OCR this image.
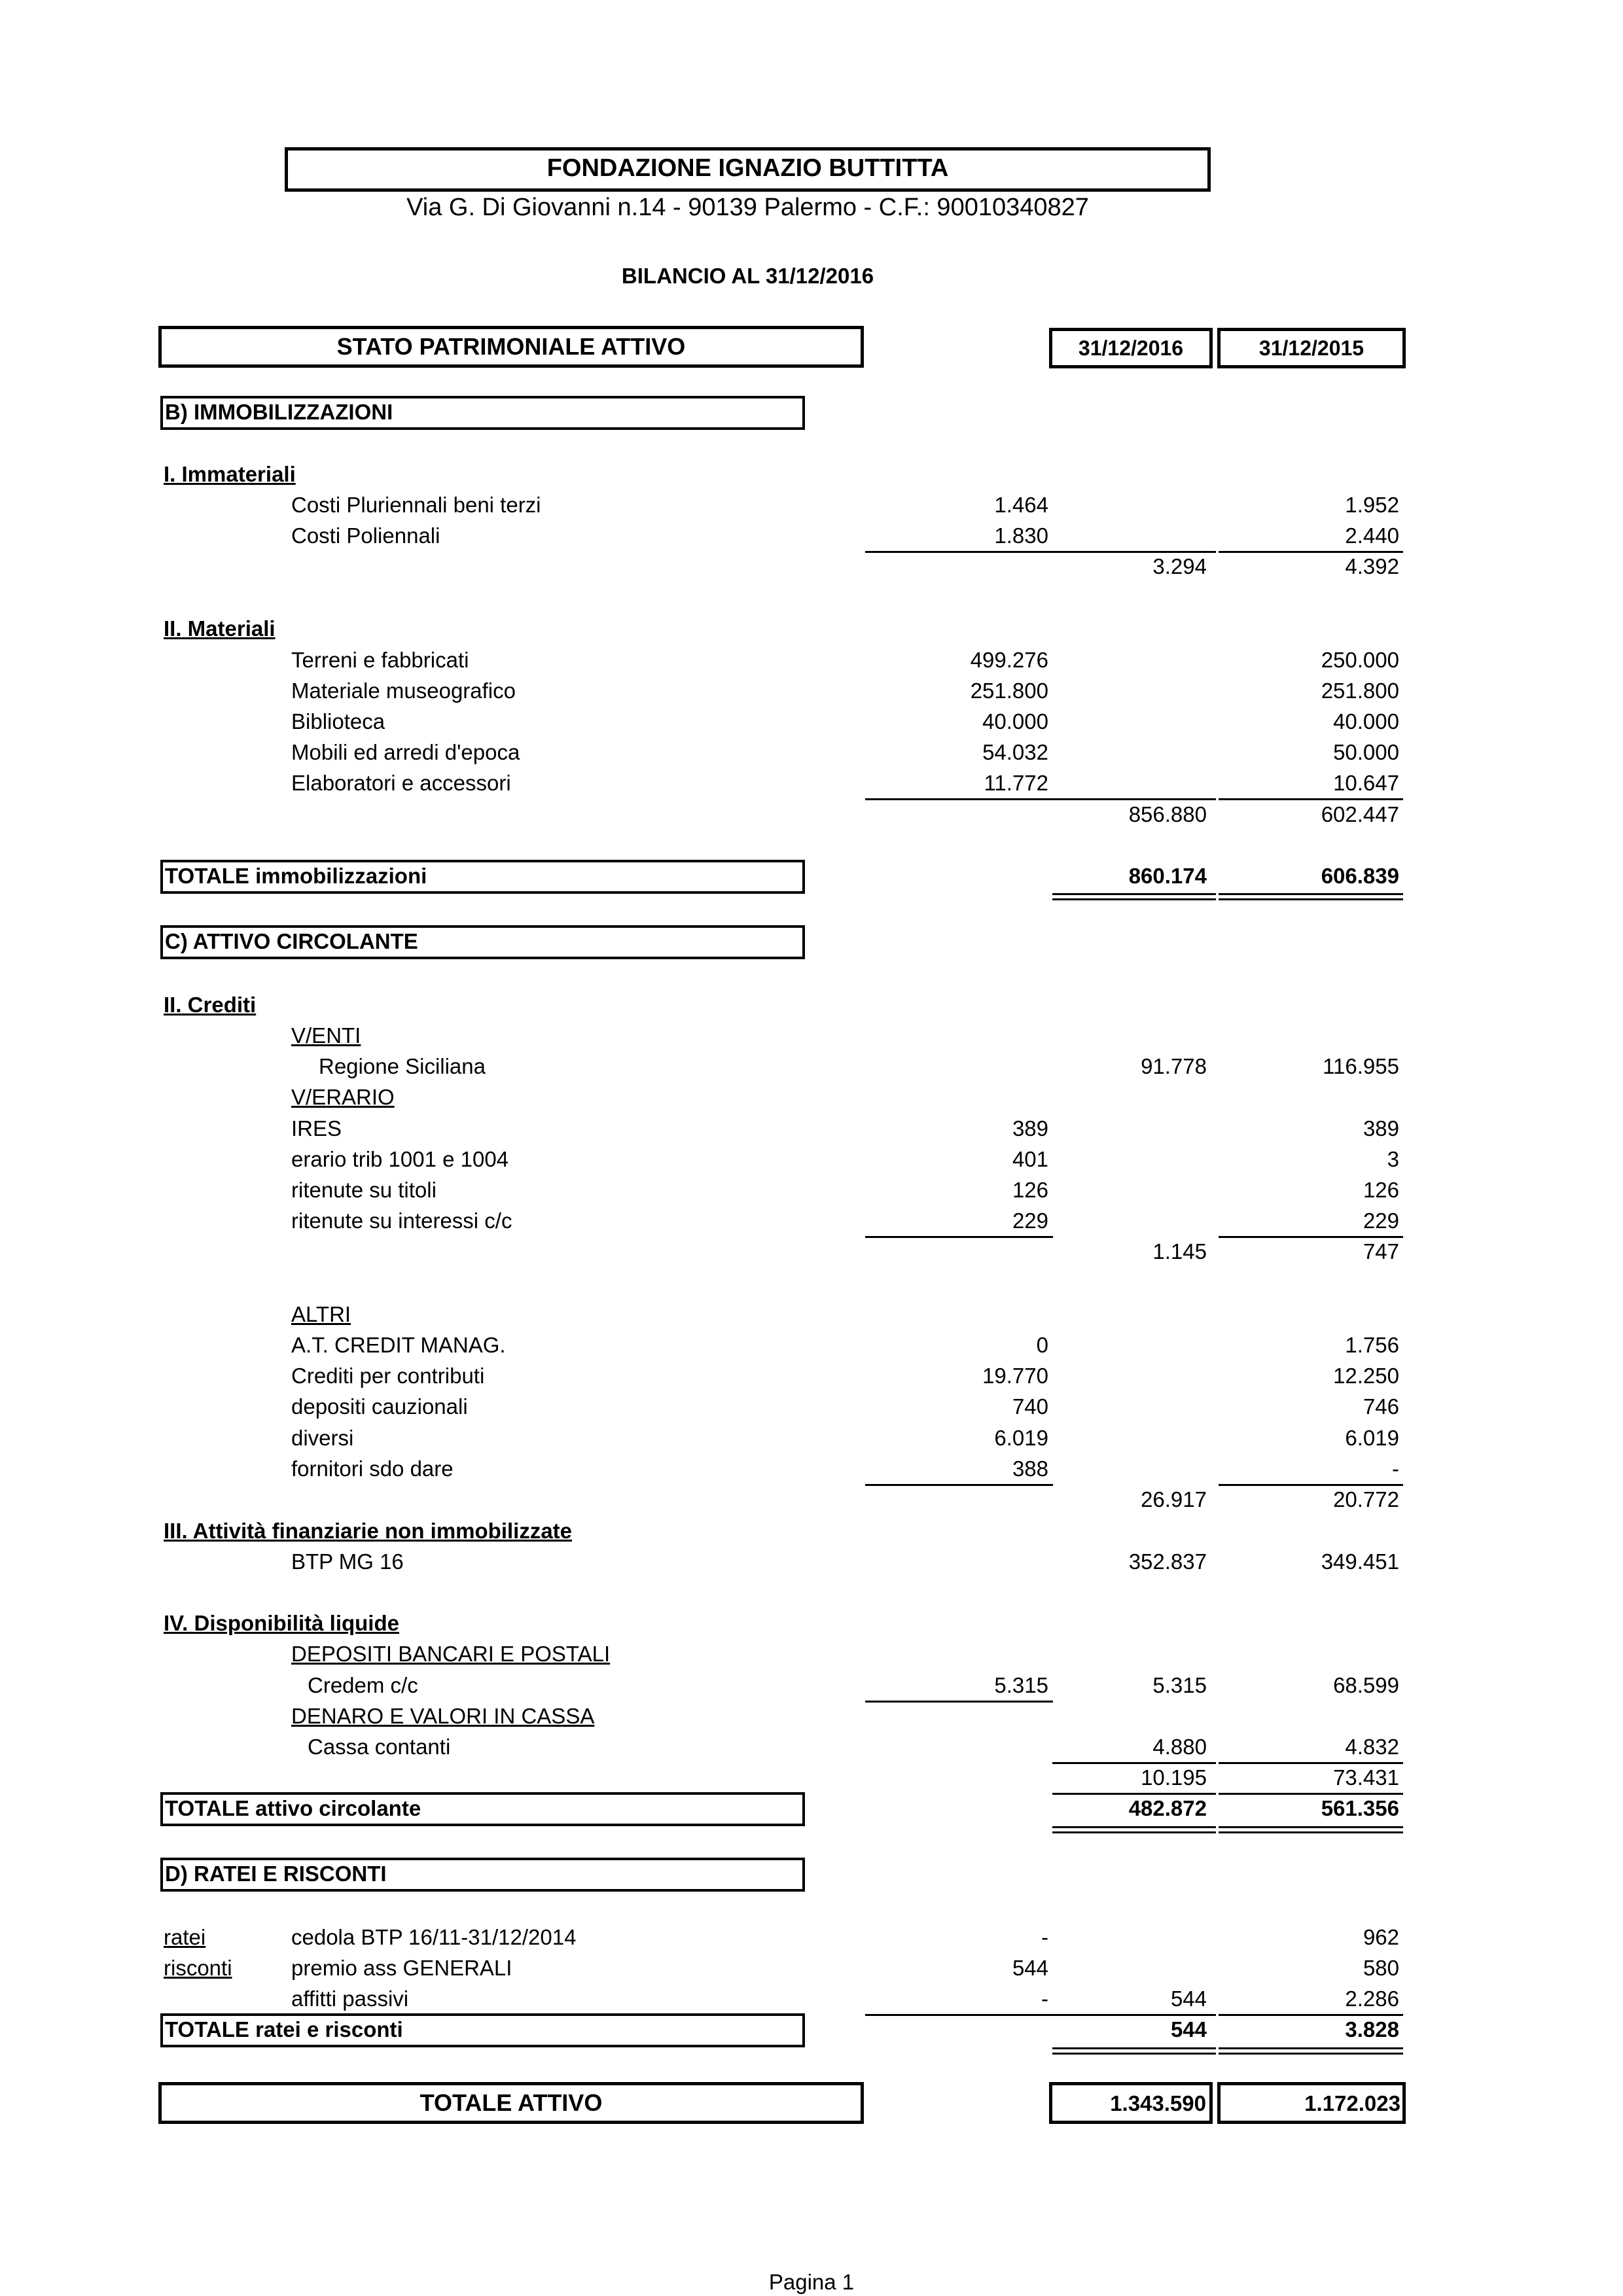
FONDAZIONE IGNAZIO BUTTITTA
Via G. Di Giovanni n.14 - 90139 Palermo - C.F.: 90010340827
BILANCIO AL 31/12/2016
STATO PATRIMONIALE ATTIVO	31/12/2016	31/12/2015
B) IMMOBILIZZAZIONI
I. Immateriali
Costi Pluriennali beni terzi	1.464	1.952
Costi Poliennali	1.830	2.440
3.294	4.392
II. Materiali
Terreni e fabbricati	499.276	250.000
Materiale museografico	251.800	251.800
Biblioteca	40.000	40.000
Mobili ed arredi d'epoca	54.032	50.000
Elaboratori e accessori	11.772	10.647
856.880	602.447
TOTALE immobilizzazioni	860.174	606.839
C) ATTIVO CIRCOLANTE
II. Crediti
V/ENTI
Regione Siciliana	91.778	116.955
V/ERARIO
IRES	389	389
erario trib 1001 e 1004	401	3
ritenute su titoli	126	126
ritenute su interessi c/c	229	229
1.145	747
ALTRI
A.T. CREDIT MANAG.	0	1.756
Crediti per contributi	19.770	12.250
depositi cauzionali	740	746
diversi	6.019	6.019
fornitori sdo dare	388	-
26.917	20.772
III. Attività finanziarie non immobilizzate
BTP MG 16	352.837	349.451
IV. Disponibilità liquide
DEPOSITI BANCARI E POSTALI
Credem c/c	5.315	5.315	68.599
DENARO E VALORI IN CASSA
Cassa contanti	4.880	4.832
10.195	73.431
TOTALE attivo circolante	482.872	561.356
D) RATEI E RISCONTI
ratei	cedola BTP 16/11-31/12/2014	-	962
risconti	premio ass GENERALI	544	580
affitti passivi	-	544	2.286
TOTALE ratei e risconti	544	3.828
TOTALE ATTIVO	1.343.590	1.172.023
Pagina 1
